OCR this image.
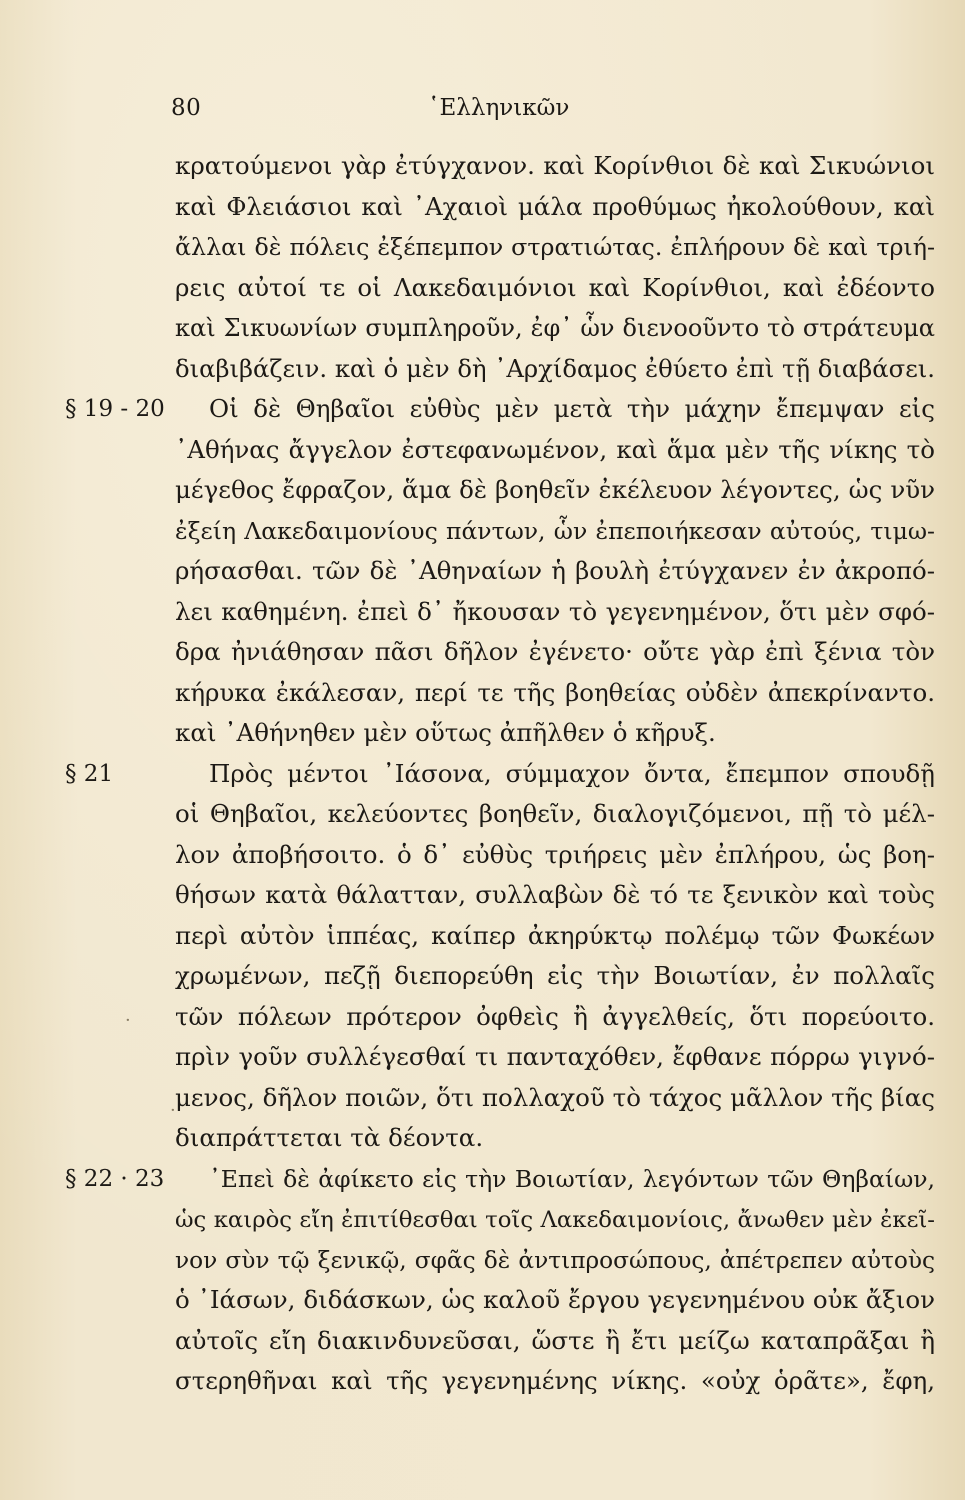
80	῾Ελληνικῶν
κρατούμενοι γὰρ ἐτύγχανον. καὶ Κορίνθιοι δὲ καὶ Σικυώνιοι
καὶ Φλειάσιοι καὶ ᾿Αχαιοὶ μάλα προθύμως ἠκολούθουν, καὶ
ἄλλαι δὲ πόλεις ἐξέπεμπον στρατιώτας. ἐπλήρουν δὲ καὶ τριή-
ρεις αὐτοί τε οἱ Λακεδαιμόνιοι καὶ Κορίνθιοι, καὶ ἐδέοντο
καὶ Σικυωνίων συμπληροῦν, ἐφ᾽ ὧν διενοοῦντο τὸ στράτευμα
διαβιβάζειν. καὶ ὁ μὲν δὴ ᾿Αρχίδαμος ἐθύετο ἐπὶ τῇ διαβάσει.
§ 19 - 20 Οἱ δὲ Θηβαῖοι εὐθὺς μὲν μετὰ τὴν μάχην ἔπεμψαν εἰς
᾿Αθήνας ἄγγελον ἐστεφανωμένον, καὶ ἅμα μὲν τῆς νίκης τὸ
μέγεθος ἔφραζον, ἅμα δὲ βοηθεῖν ἐκέλευον λέγοντες, ὡς νῦν
ἐξείη Λακεδαιμονίους πάντων, ὧν ἐπεποιήκεσαν αὐτούς, τιμω-
ρήσασθαι. τῶν δὲ ᾿Αθηναίων ἡ βουλὴ ἐτύγχανεν ἐν ἀκροπό-
λει καθημένη. ἐπεὶ δ᾽ ἤκουσαν τὸ γεγενημένον, ὅτι μὲν σφό-
δρα ἠνιάθησαν πᾶσι δῆλον ἐγένετο· οὔτε γὰρ ἐπὶ ξένια τὸν
κήρυκα ἐκάλεσαν, περί τε τῆς βοηθείας οὐδὲν ἀπεκρίναντο.
καὶ ᾿Αθήνηθεν μὲν οὕτως ἀπῆλθεν ὁ κῆρυξ.
§ 21	Πρὸς μέντοι ᾿Ιάσονα, σύμμαχον ὄντα, ἔπεμπον σπουδῇ
οἱ Θηβαῖοι, κελεύοντες βοηθεῖν, διαλογιζόμενοι, πῇ τὸ μέλ-
λον ἀποβήσοιτο. ὁ δ᾽ εὐθὺς τριήρεις μὲν ἐπλήρου, ὡς βοη-
θήσων κατὰ θάλατταν, συλλαβὼν δὲ τό τε ξενικὸν καὶ τοὺς
περὶ αὐτὸν ἱππέας, καίπερ ἀκηρύκτῳ πολέμῳ τῶν Φωκέων
χρωμένων, πεζῇ διεπορεύθη εἰς τὴν Βοιωτίαν, ἐν πολλαῖς
τῶν πόλεων πρότερον ὀφθεὶς ἢ ἀγγελθείς, ὅτι πορεύοιτο.
πρὶν γοῦν συλλέγεσθαί τι πανταχόθεν, ἔφθανε πόρρω γιγνό-
μενος, δῆλον ποιῶν, ὅτι πολλαχοῦ τὸ τάχος μᾶλλον τῆς βίας
διαπράττεται τὰ δέοντα.
§ 22 · 23 ᾿Επεὶ δὲ ἀφίκετο εἰς τὴν Βοιωτίαν, λεγόντων τῶν Θηβαίων,
ὡς καιρὸς εἴη ἐπιτίθεσθαι τοῖς Λακεδαιμονίοις, ἄνωθεν μὲν ἐκεῖ-
νον σὺν τῷ ξενικῷ, σφᾶς δὲ ἀντιπροσώπους, ἀπέτρεπεν αὐτοὺς
ὁ ᾿Ιάσων, διδάσκων, ὡς καλοῦ ἔργου γεγενημένου οὐκ ἄξιον
αὐτοῖς εἴη διακινδυνεῦσαι, ὥστε ἢ ἔτι μείζω καταπρᾶξαι ἢ
στερηθῆναι καὶ τῆς γεγενημένης νίκης. «οὐχ ὁρᾶτε», ἔφη,
·
·
